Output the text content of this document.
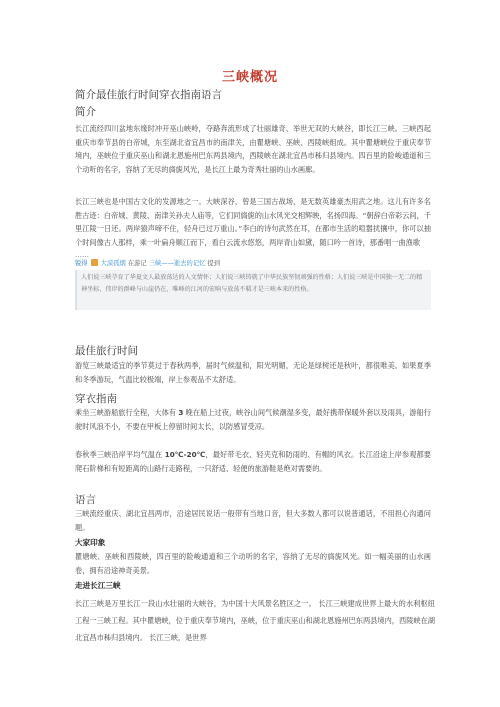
三峡概况
简介最佳旅行时间穿衣指南语言
简介

长江流经四川盆地东缘时冲开巫山峡岭，夺路奔流形成了壮丽雄奇、举世无双的大峡谷，即长江三峡。三峡西起重庆市奉节县的白帝城，东至湖北省宜昌市的南津关，由瞿塘峡、巫峡、西陵峡组成。其中瞿塘峡位于重庆奉节境内，巫峡位于重庆巫山和湖北恩施州巴东两县境内，西陵峡在湖北宜昌市秭归县境内。四百里的险峻通道和三个动听的名字，容纳了无尽的旖旎风光，是长江上最为奇秀壮丽的山水画廊。

长江三峡也是中国古文化的发源地之一。大峡深谷，曾是三国古战场，是无数英雄豪杰用武之地。这儿有许多名胜古迹：白帝城、黄陵、南津关孙夫人庙等，它们同旖旎的山水风光交相辉映，名扬四海。“朝辞白帝彩云间，千里江陵一日还。两岸猿声啼不住，轻舟已过万重山。”李白的诗句武然在耳，在都市生活的喧嚣扰攘中，你可以抽个时间像古人那样，乘一叶扁舟顺江而下，看白云流水悠悠，两岸青山如黛，随口吟一首诗，那番唱一曲渔歌

……
锐得 大漠孤烟 在游记 三峡——逝去的记忆 提到
人们说三峡孕育了华夏文人最放荡达的人文情怀；人们说三峡铸就了中华民族坚韧顽强的性格；人们说三峡是中国独一无二的精神坐标，伟岸的群峰与山崖仍在，唯峰的江河的宏响与放荡不羁才是三峡本来的性格。
最佳旅行时间

游览三峡最适宜的季节莫过于春秋两季，届时气候温和，阳光明媚，无论是绿树还是秋叶，都很唯美。如果夏季和冬季游玩，气温比较极端，岸上参观品不太舒适。

穿衣指南

乘坐三峡游船旅行全程，大体有 3 晚在船上过夜，峡谷山间气候潮湿多变，最好携带保暖外套以及雨具，游船行驶时风浪不小，不要在甲板上停留时间太长，以防感冒受凉。

春秋季三峡沿岸平均气温在 10℃-20℃，最好带毛衣、轻夹克和防雨的、有帽的风衣。长江沿途上岸参观都要爬石阶梯和有短距离的山路行走路程，一只舒适、轻便的旅游鞋是绝对需要的。

语言

三峡流经重庆、湖北宜昌两市，沿途居民说话一般带有当地口音，但大多数人都可以说普通话，不用担心沟通问题。

大家印象

瞿塘峡、巫峡和西陵峡，四百里的险峻通道和三个动听的名字，容纳了无尽的旖旎风光。如一幅美丽的山水画卷，拥有沿途神奇美景。

走进长江三峡

长江三峡是万里长江一段山水壮丽的大峡谷，为中国十大风景名胜区之一。 长江三峡建成世界上最大的水利枢纽工程一三峡工程。其中瞿塘峡，位于重庆奉节境内，巫峡，位于重庆巫山和湖北恩施州巴东两县境内，西陵峡在湖北宜昌市秭归县境内。 长江三峡，是世界
